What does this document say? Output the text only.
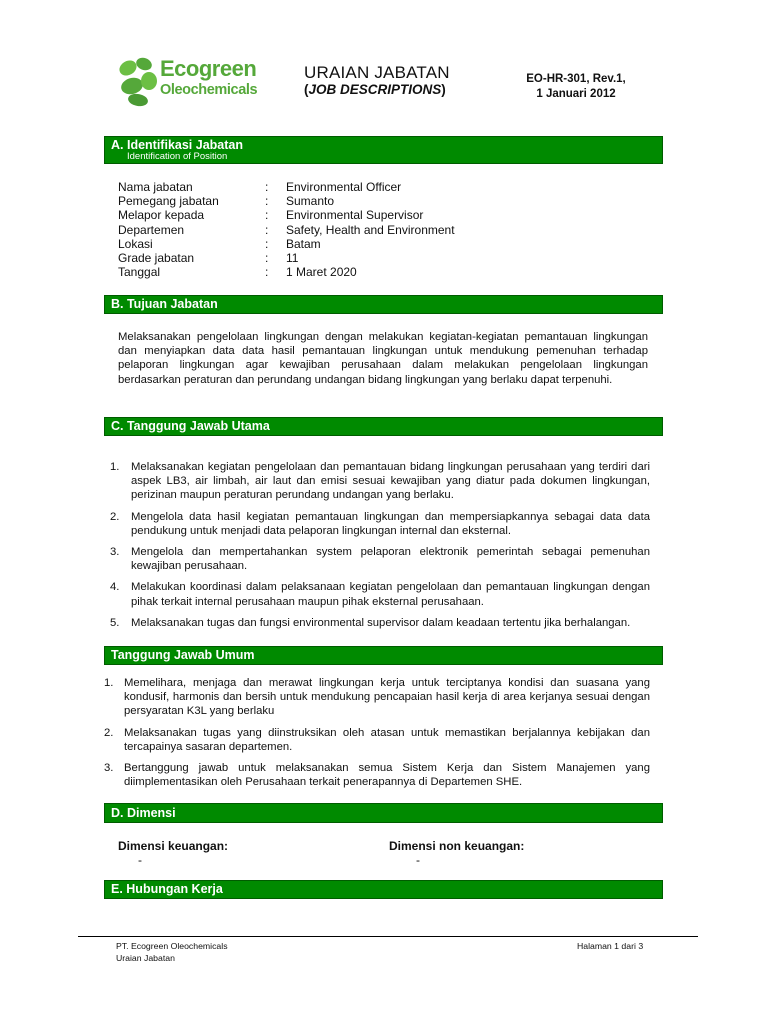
Ecogreen
Oleochemicals
URAIAN JABATAN
(JOB DESCRIPTIONS)
EO-HR-301, Rev.1,
1 Januari 2012
A. Identifikasi Jabatan
Identification of Position
Nama jabatan	: Environmental Officer
Pemegang jabatan	: Sumanto
Melapor kepada	: Environmental Supervisor
Departemen	: Safety, Health and Environment
Lokasi	: Batam
Grade jabatan	: 11
Tanggal	: 1 Maret 2020
B. Tujuan Jabatan
Melaksanakan pengelolaan lingkungan dengan melakukan kegiatan-kegiatan pemantauan lingkungan dan menyiapkan data data hasil pemantauan lingkungan untuk mendukung pemenuhan terhadap pelaporan lingkungan agar kewajiban perusahaan dalam melakukan pengelolaan lingkungan berdasarkan peraturan dan perundang undangan bidang lingkungan yang berlaku dapat terpenuhi.
C. Tanggung Jawab Utama
1. Melaksanakan kegiatan pengelolaan dan pemantauan bidang lingkungan perusahaan yang terdiri dari aspek LB3, air limbah, air laut dan emisi sesuai kewajiban yang diatur pada dokumen lingkungan, perizinan maupun peraturan perundang undangan yang berlaku.
2. Mengelola data hasil kegiatan pemantauan lingkungan dan mempersiapkannya sebagai data data pendukung untuk menjadi data pelaporan lingkungan internal dan eksternal.
3. Mengelola dan mempertahankan system pelaporan elektronik pemerintah sebagai pemenuhan kewajiban perusahaan.
4. Melakukan koordinasi dalam pelaksanaan kegiatan pengelolaan dan pemantauan lingkungan dengan pihak terkait internal perusahaan maupun pihak eksternal perusahaan.
5. Melaksanakan tugas dan fungsi environmental supervisor dalam keadaan tertentu jika berhalangan.
Tanggung Jawab Umum
1. Memelihara, menjaga dan merawat lingkungan kerja untuk terciptanya kondisi dan suasana yang kondusif, harmonis dan bersih untuk mendukung pencapaian hasil kerja di area kerjanya sesuai dengan persyaratan K3L yang berlaku
2. Melaksanakan tugas yang diinstruksikan oleh atasan untuk memastikan berjalannya kebijakan dan tercapainya sasaran departemen.
3. Bertanggung jawab untuk melaksanakan semua Sistem Kerja dan Sistem Manajemen yang diimplementasikan oleh Perusahaan terkait penerapannya di Departemen SHE.
D. Dimensi
Dimensi keuangan:
-
Dimensi non keuangan:
-
E. Hubungan Kerja
PT. Ecogreen Oleochemicals
Uraian Jabatan
Halaman 1 dari 3
